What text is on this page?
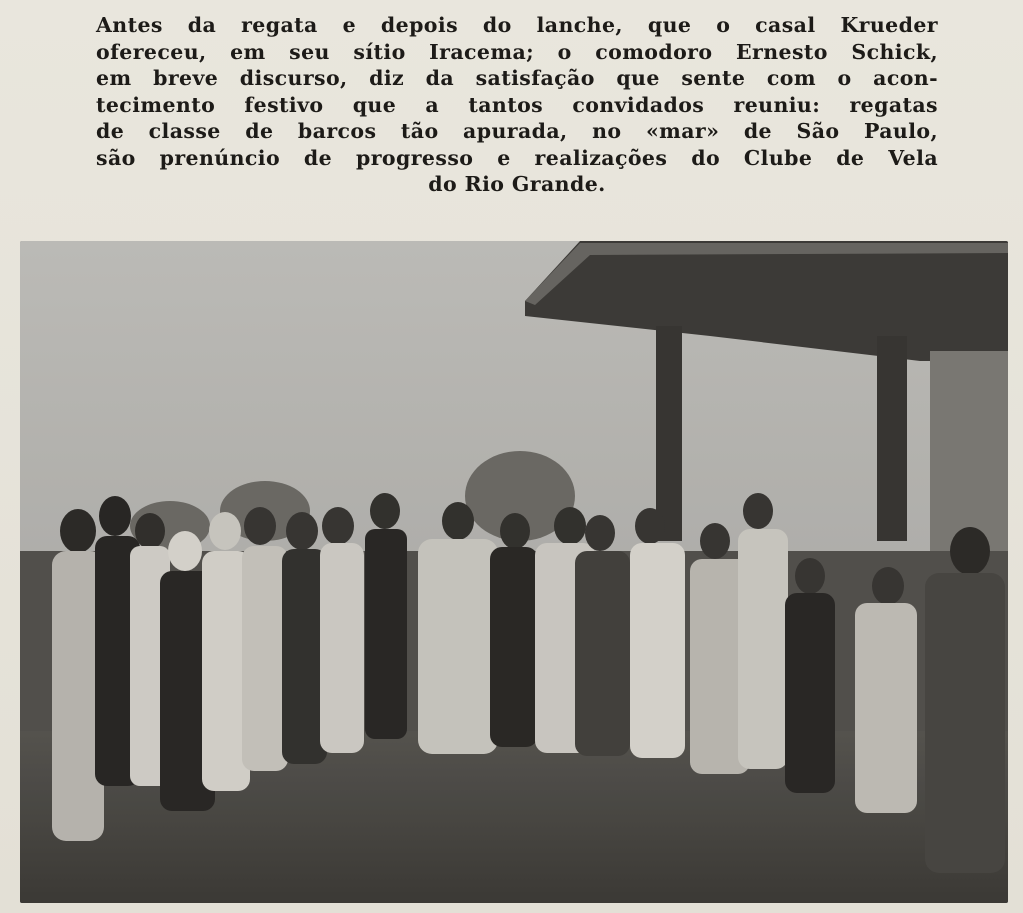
Antes da regata e depois do lanche, que o casal Krueder
ofereceu, em seu sítio Iracema; o comodoro Ernesto Schick,
em breve discurso, diz da satisfação que sente com o acon-
tecimento festivo que a tantos convidados reuniu: regatas
de classe de barcos tão apurada, no «mar» de São Paulo,
são prenúncio de progresso e realizações do Clube de Vela
do Rio Grande.
